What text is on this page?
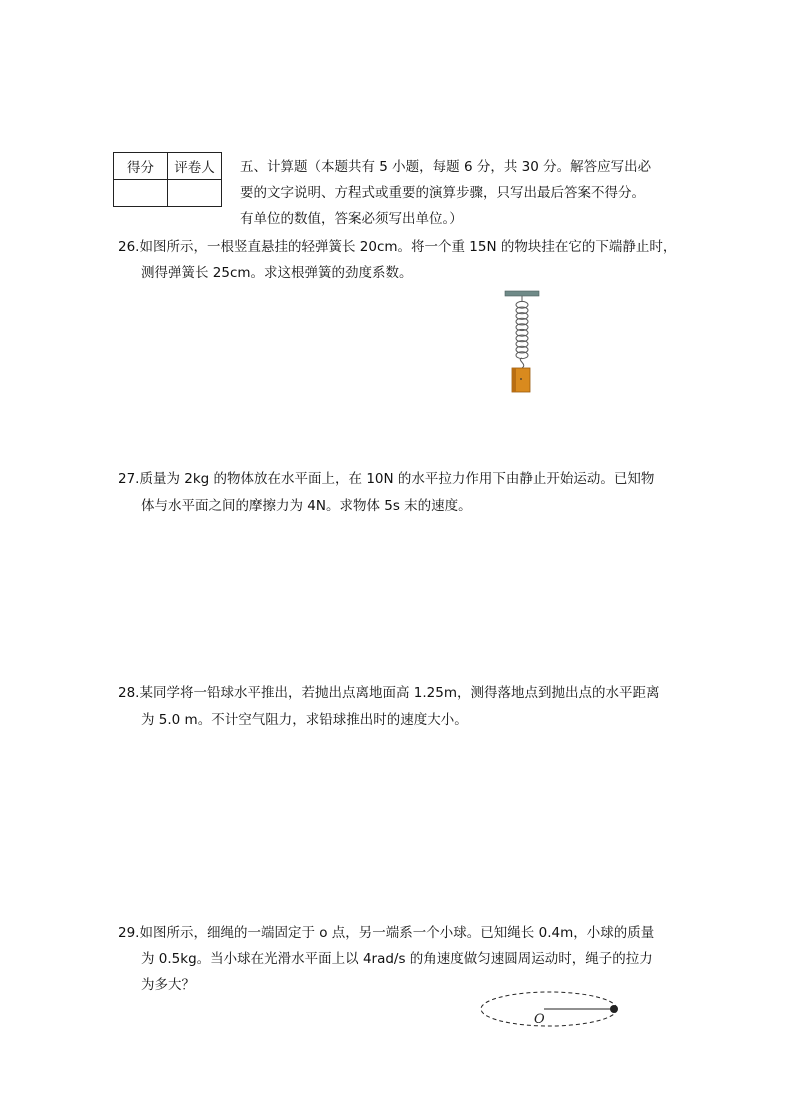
得分	评卷人
	五、计算题（本题共有 5 小题，每题 6 分，共 30 分。解答应写出必
要的文字说明、方程式或重要的演算步骤，只写出最后答案不得分。
有单位的数值，答案必须写出单位。）
26.如图所示，一根竖直悬挂的轻弹簧长 20cm。将一个重 15N 的物块挂在它的下端静止时，
测得弹簧长 25cm。求这根弹簧的劲度系数。
27.质量为 2kg 的物体放在水平面上，在 10N 的水平拉力作用下由静止开始运动。已知物
体与水平面之间的摩擦力为 4N。求物体 5s 末的速度。
28.某同学将一铅球水平推出，若抛出点离地面高 1.25m，测得落地点到抛出点的水平距离
为 5.0 m。不计空气阻力，求铅球推出时的速度大小。
29.如图所示，细绳的一端固定于 o 点，另一端系一个小球。已知绳长 0.4m，小球的质量
为 0.5kg。当小球在光滑水平面上以 4rad/s 的角速度做匀速圆周运动时，绳子的拉力
为多大？
O
